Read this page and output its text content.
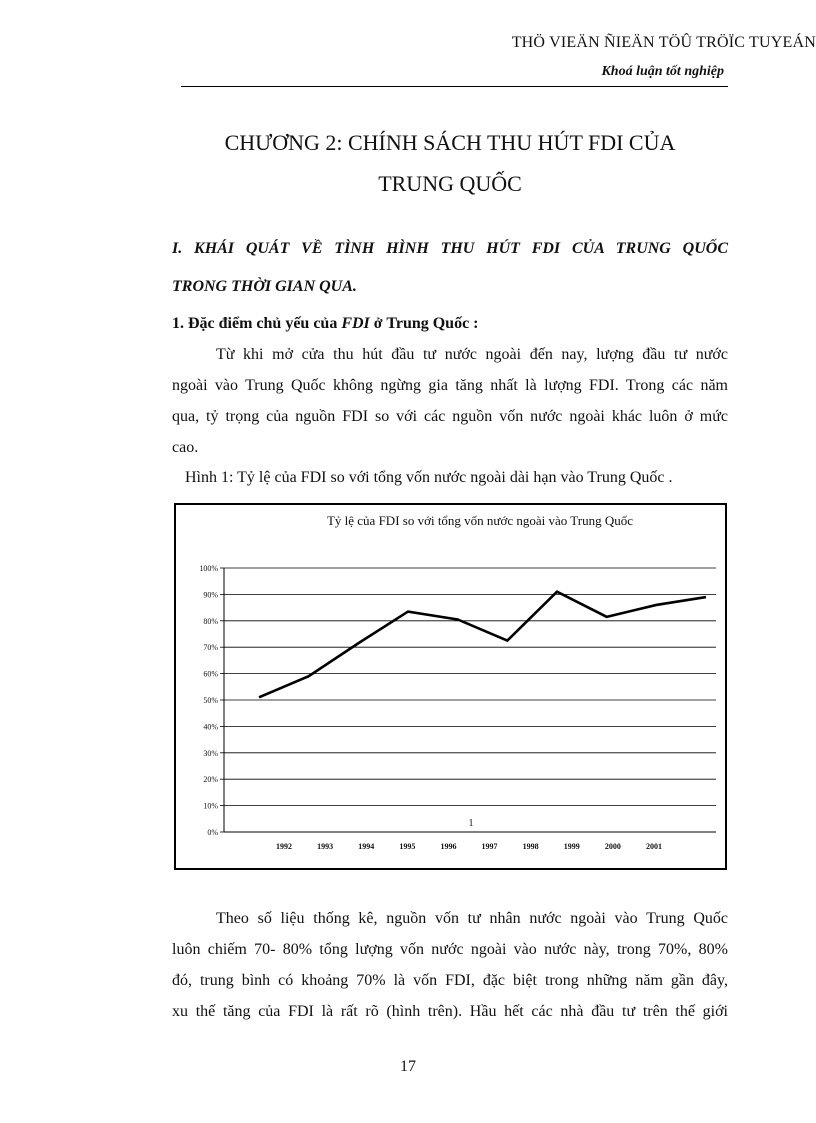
THÖ VIEÄN ÑIEÄN TÖÛ TRÖÏC TUYEÁN
Khoá luận tốt nghiệp
CHƯƠNG 2: CHÍNH SÁCH THU HÚT FDI CỦA
TRUNG QUỐC
I. KHÁI QUÁT VỀ TÌNH HÌNH THU HÚT FDI CỦA TRUNG QUỐC
TRONG THỜI GIAN QUA.
1. Đặc điểm chủ yếu của FDI ở Trung Quốc :
Từ khi mở cửa thu hút đầu tư nước ngoài đến nay, lượng đầu tư nước
ngoài vào Trung Quốc không ngừng gia tăng nhất là lượng FDI. Trong các năm
qua, tỷ trọng của nguồn FDI so với các nguồn vốn nước ngoài khác luôn ở mức
cao.
Hình 1: Tỷ lệ của FDI so với tổng vốn nước ngoài dài hạn vào Trung Quốc .
Tỷ lệ của FDI so với tổng vốn nước ngoài vào Trung Quốc
0%
10%
20%
30%
40%
50%
60%
70%
80%
90%
100%
1992	1993	1994	1995	1996	1997	1998	1999	2000	2001
1
Theo số liệu thống kê, nguồn vốn tư nhân nước ngoài vào Trung Quốc
luôn chiếm 70- 80% tổng lượng vốn nước ngoài vào nước này, trong 70%, 80%
đó, trung bình có khoảng 70% là vốn FDI, đặc biệt trong những năm gần đây,
xu thế tăng của FDI là rất rõ (hình trên). Hầu hết các nhà đầu tư trên thế giới
17
